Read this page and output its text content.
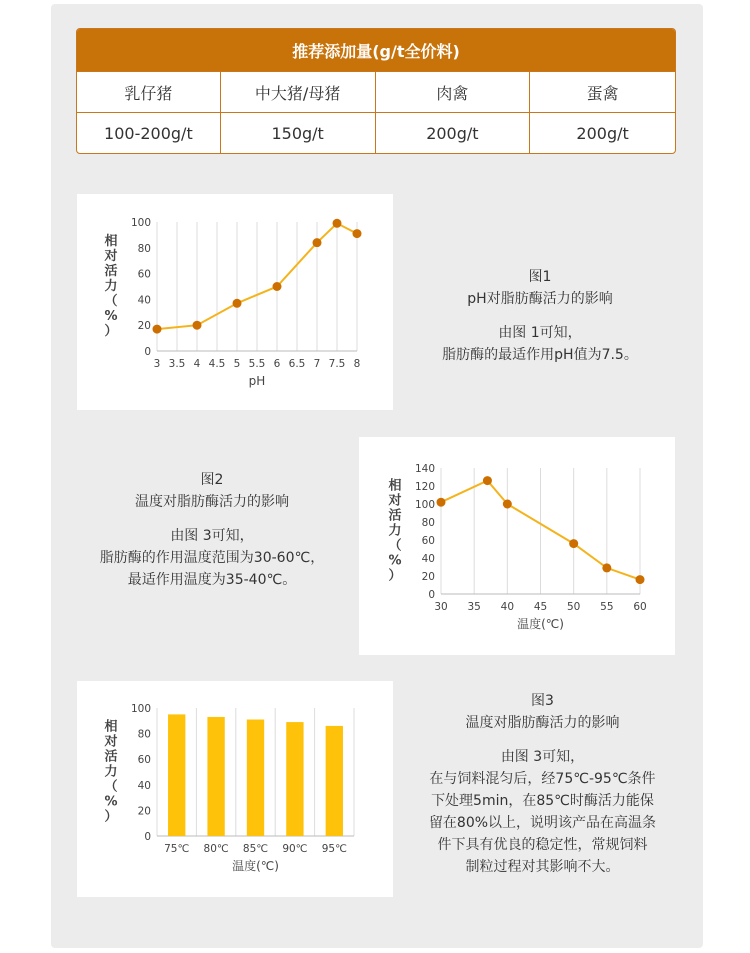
推荐添加量(g/t全价料)
乳仔猪	中大猪/母猪	肉禽	蛋禽
100-200g/t	150g/t	200g/t	200g/t
3 3.5 4 4.5 5 5.5 6 6.5 7 7.5 8
0
20
40
60
80
100
pH
相
对
活
力
（
%
）

图1

pH对脂肪酶活力的影响

由图 1可知，

脂肪酶的最适作用pH值为7.5。

图2

温度对脂肪酶活力的影响

由图 3可知，

脂肪酶的作用温度范围为30-60℃，

最适作用温度为35-40℃。

30 35 40 45 50 55 60
0
20
40
60
80
100
120
140
温度(℃)
相
对
活
力
（
%
）
0
20
40
60
80
100
75℃ 80℃ 85℃ 90℃ 95℃
温度(℃)
相
对
活
力
（
%
）

图3

温度对脂肪酶活力的影响

由图 3可知，

在与饲料混匀后，经75℃-95℃条件

下处理5min，在85℃时酶活力能保

留在80%以上，说明该产品在高温条

件下具有优良的稳定性，常规饲料

制粒过程对其影响不大。
